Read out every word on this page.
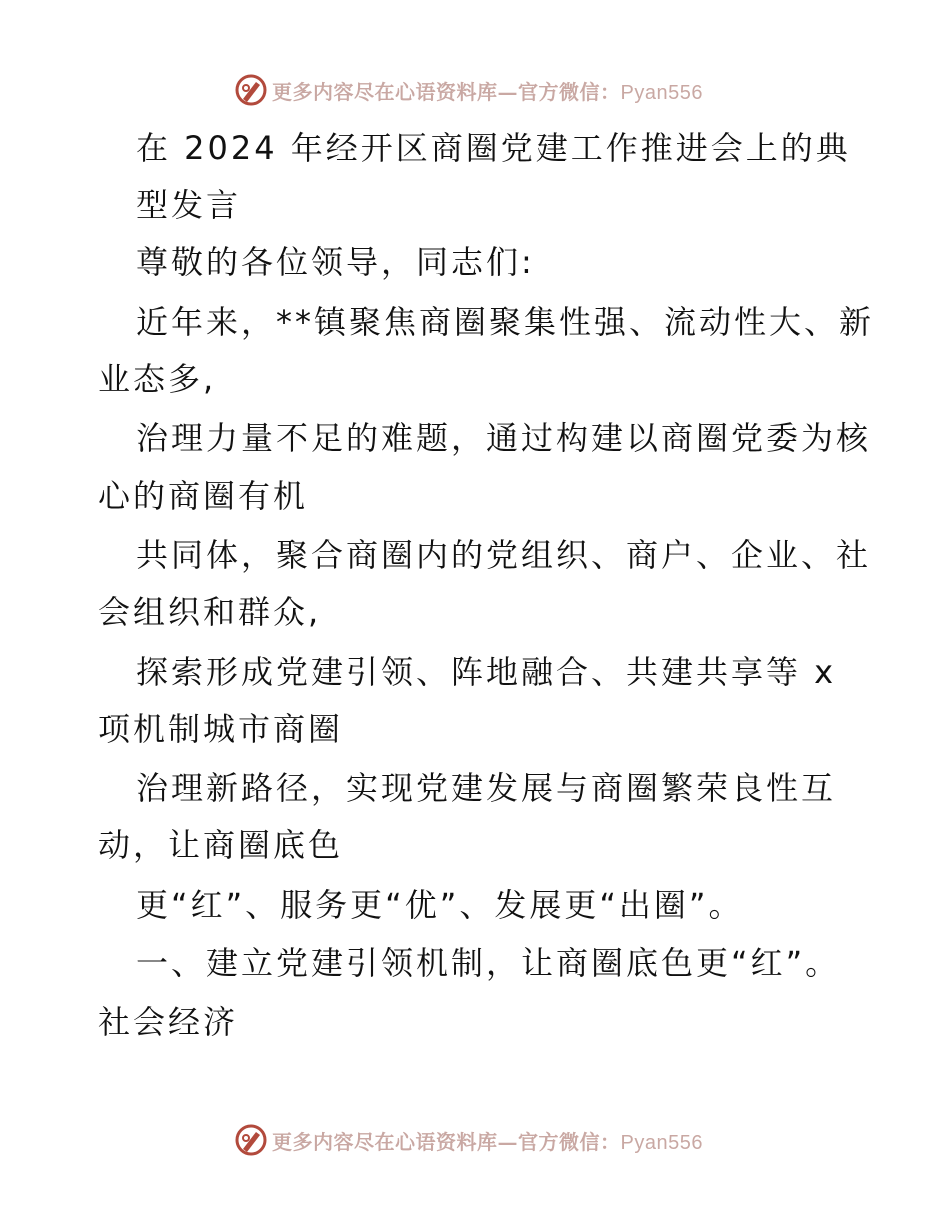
更多内容尽在心语资料库—官方微信：Pyan556
在 2024 年经开区商圈党建工作推进会上的典
型发言
尊敬的各位领导，同志们:
近年来，**镇聚焦商圈聚集性强、流动性大、新
业态多,
治理力量不足的难题，通过构建以商圈党委为核
心的商圈有机
共同体，聚合商圈内的党组织、商户、企业、社
会组织和群众,
探索形成党建引领、阵地融合、共建共享等 x
项机制城市商圈
治理新路径，实现党建发展与商圈繁荣良性互
动，让商圈底色
更“红”、服务更“优”、发展更“出圈”。
一、建立党建引领机制，让商圈底色更“红”。
社会经济
更多内容尽在心语资料库—官方微信：Pyan556
